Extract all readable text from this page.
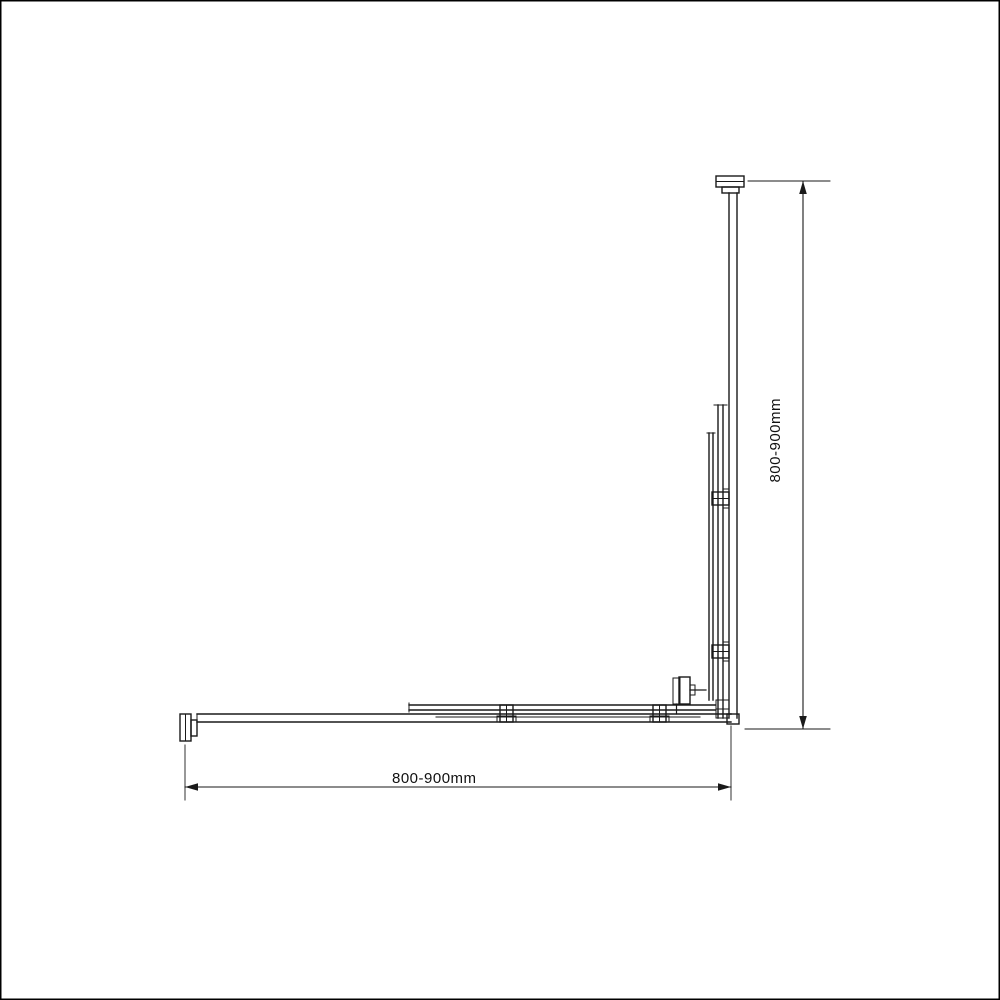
800-900mm
800-900mm
